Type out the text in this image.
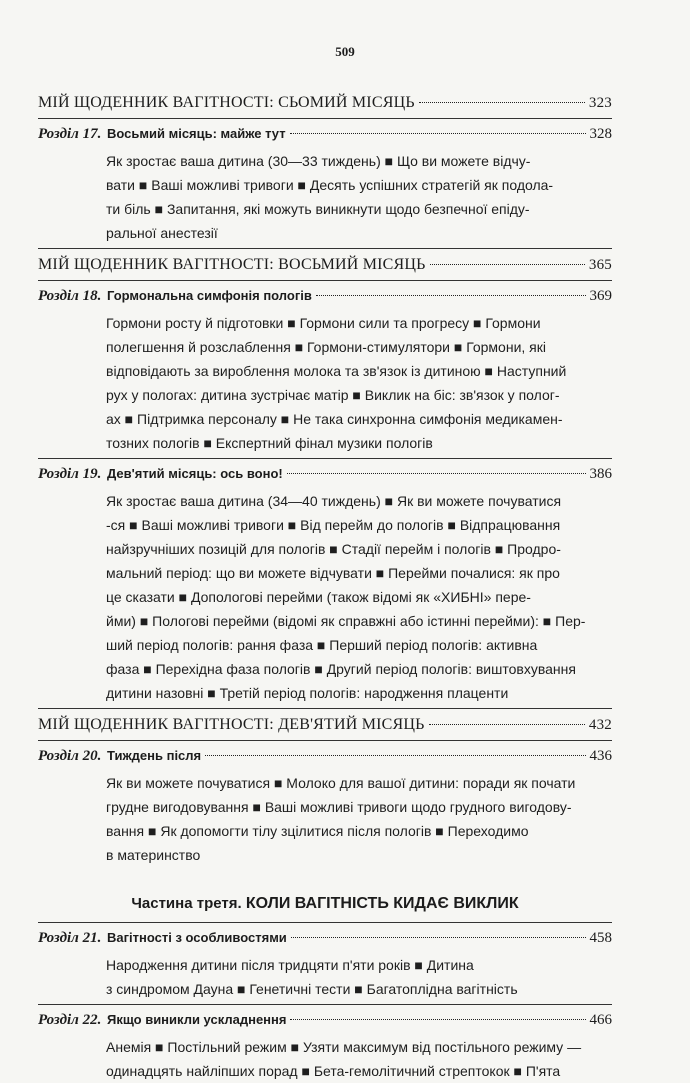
509
МІЙ ЩОДЕННИК ВАГІТНОСТІ: СЬОМИЙ МІСЯЦЬ	323
Розділ 17. Восьмий місяць: майже тут	328
Як зростає ваша дитина (30—33 тиждень) ■ Що ви можете відчу-
вати ■ Ваші можливі тривоги ■ Десять успішних стратегій як подола-
ти біль ■ Запитання, які можуть виникнути щодо безпечної епіду-
ральної анестезії
МІЙ ЩОДЕННИК ВАГІТНОСТІ: ВОСЬМИЙ МІСЯЦЬ	365
Розділ 18. Гормональна симфонія пологів	369
Гормони росту й підготовки ■ Гормони сили та прогресу ■ Гормони
полегшення й розслаблення ■ Гормони-стимулятори ■ Гормони, які
відповідають за вироблення молока та зв'язок із дитиною ■ Наступний
рух у пологах: дитина зустрічає матір ■ Виклик на біс: зв'язок у полог-
ах ■ Підтримка персоналу ■ Не така синхронна симфонія медикамен-
тозних пологів ■ Експертний фінал музики пологів
Розділ 19. Дев'ятий місяць: ось воно!	386
Як зростає ваша дитина (34—40 тиждень) ■ Як ви можете почуватися
-ся ■ Ваші можливі тривоги ■ Від перейм до пологів ■ Відпрацювання
найзручніших позицій для пологів ■ Стадії перейм і пологів ■ Продро-
мальний період: що ви можете відчувати ■ Перейми почалися: як про
це сказати ■ Допологові перейми (також відомі як «ХИБНІ» пере-
йми) ■ Пологові перейми (відомі як справжні або істинні перейми): ■ Пер-
ший період пологів: рання фаза ■ Перший період пологів: активна
фаза ■ Перехідна фаза пологів ■ Другий період пологів: виштовхування
дитини назовні ■ Третій період пологів: народження плаценти
МІЙ ЩОДЕННИК ВАГІТНОСТІ: ДЕВ'ЯТИЙ МІСЯЦЬ	432
Розділ 20. Тиждень після	436
Як ви можете почуватися ■ Молоко для вашої дитини: поради як почати
грудне вигодовування ■ Ваші можливі тривоги щодо грудного вигодову-
вання ■ Як допомогти тілу зцілитися після пологів ■ Переходимо
в материнство
Частина третя. КОЛИ ВАГІТНІСТЬ КИДАЄ ВИКЛИК
Розділ 21. Вагітності з особливостями	458
Народження дитини після тридцяти п'яти років ■ Дитина
з синдромом Дауна ■ Генетичні тести ■ Багатоплідна вагітність
Розділ 22. Якщо виникли ускладнення	466
Анемія ■ Постільний режим ■ Узяти максимум від постільного режиму —
одинадцять найліпших порад ■ Бета-гемолітичний стрептокок ■ П'ята
